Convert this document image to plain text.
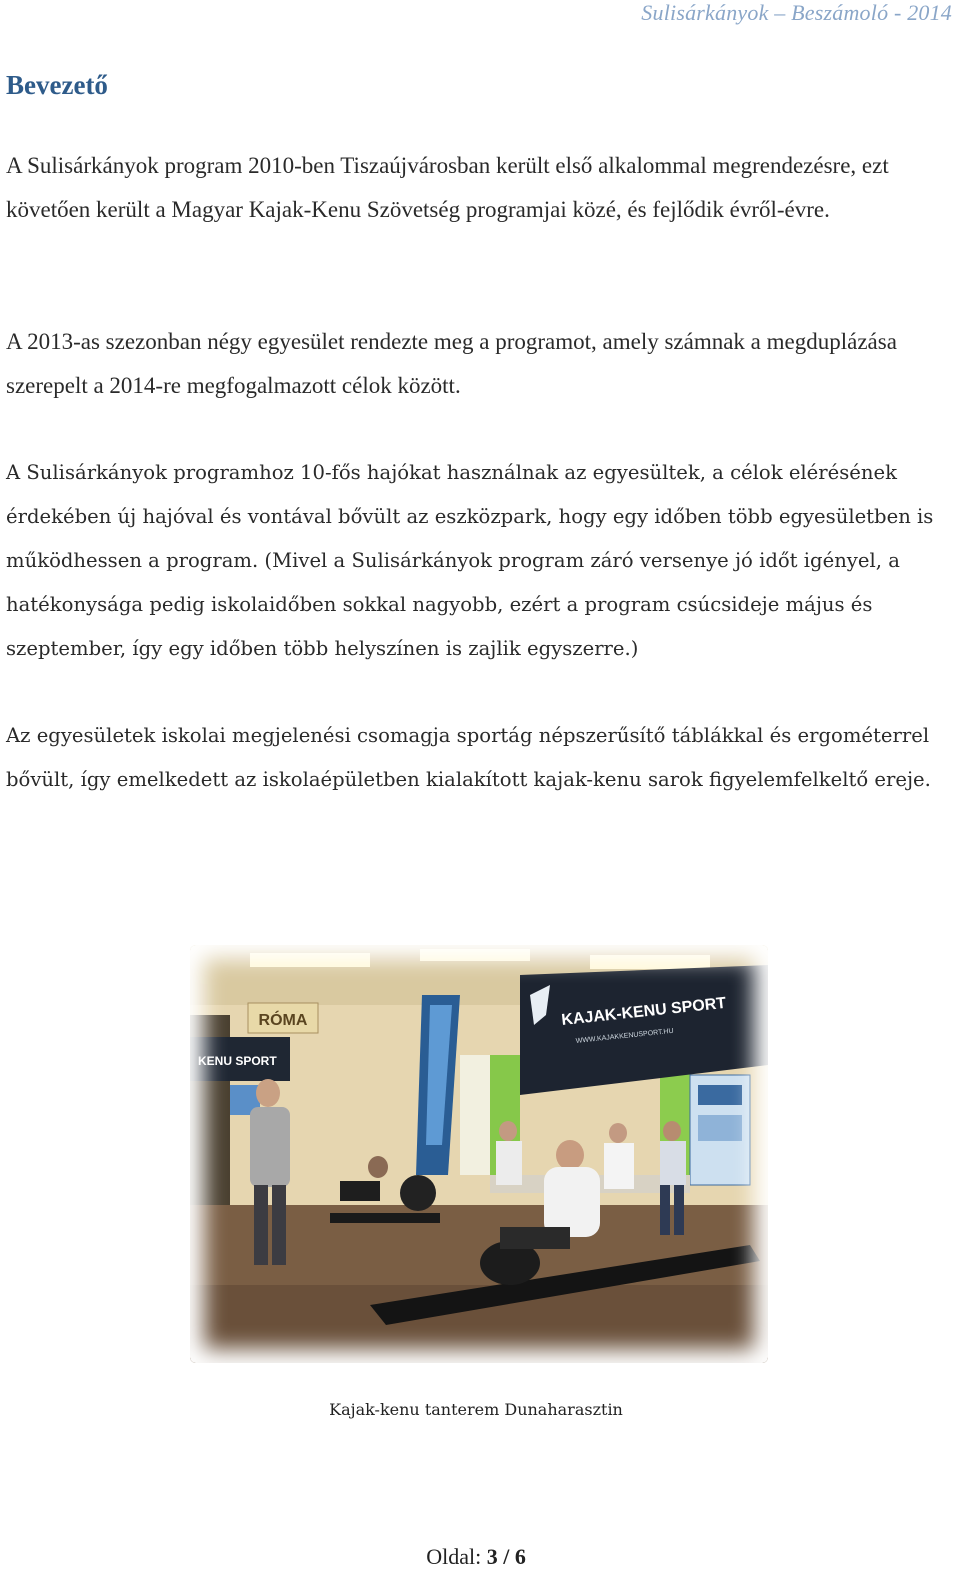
Sulisárkányok – Beszámoló - 2014
Bevezető

A Sulisárkányok program 2010-ben Tiszaújvárosban került első alkalommal megrendezésre, ezt követően került a Magyar Kajak-Kenu Szövetség programjai közé, és fejlődik évről-évre.

A 2013-as szezonban négy egyesület rendezte meg a programot, amely számnak a megduplázása szerepelt a 2014-re megfogalmazott célok között.

A Sulisárkányok programhoz 10-fős hajókat használnak az egyesültek, a célok elérésének érdekében új hajóval és vontával bővült az eszközpark, hogy egy időben több egyesületben is működhessen a program. (Mivel a Sulisárkányok program záró versenye jó időt igényel, a hatékonysága pedig iskolaidőben sokkal nagyobb, ezért a program csúcsideje május és szeptember, így egy időben több helyszínen is zajlik egyszerre.)

Az egyesületek iskolai megjelenési csomagja sportág népszerűsítő táblákkal és ergométerrel bővült, így emelkedett az iskolaépületben kialakított kajak-kenu sarok figyelemfelkeltő ereje.

RÓMA
KENU SPORT
KAJAK-KENU SPORT
WWW.KAJAKKENUSPORT.HU
Kajak-kenu tanterem Dunaharasztin
Oldal: 3 / 6
